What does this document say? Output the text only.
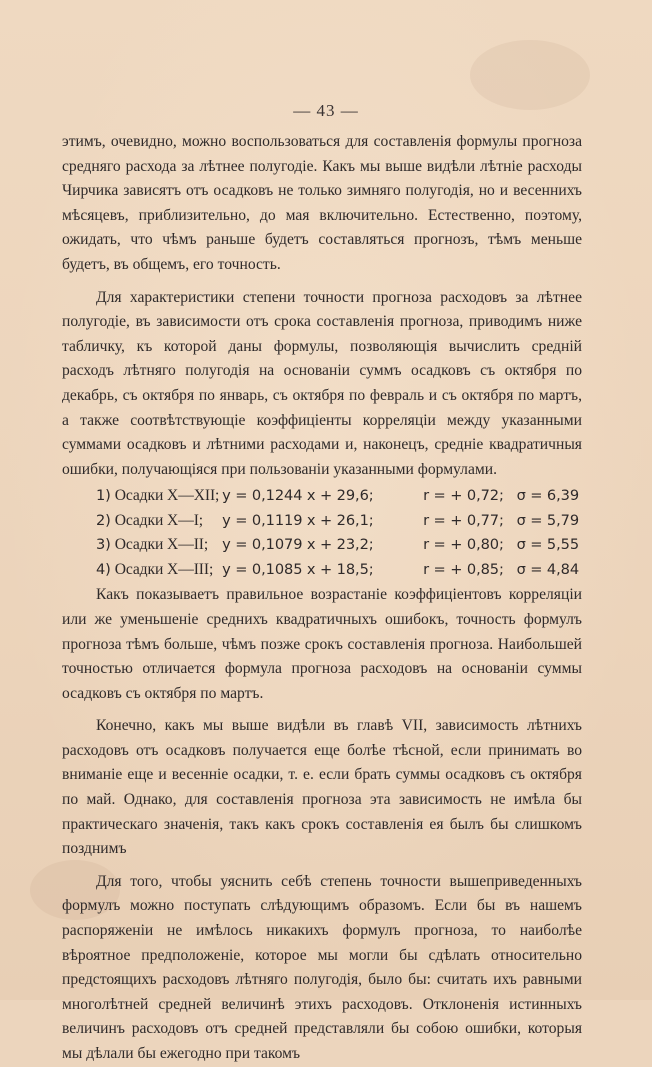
— 43 —

этимъ, очевидно, можно воспользоваться для составленія формулы прогноза средняго расхода за лѣтнее полугодіе. Какъ мы выше видѣли лѣтніе расходы Чирчика зависятъ отъ осадковъ не только зимняго полугодія, но и весеннихъ мѣсяцевъ, приблизительно, до мая включительно. Естественно, поэтому, ожидать, что чѣмъ раньше будетъ составляться прогнозъ, тѣмъ меньше будетъ, въ общемъ, его точность.

Для характеристики степени точности прогноза расходовъ за лѣтнее полугодіе, въ зависимости отъ срока составленія прогноза, приводимъ ниже табличку, къ которой даны формулы, позволяющія вычислить средній расходъ лѣтняго полугодія на основаніи суммъ осадковъ съ октября по декабрь, съ октября по январь, съ октября по февраль и съ октября по мартъ, а также соотвѣтствующіе коэффиціенты корреляціи между указанными суммами осадковъ и лѣтними расходами и, наконецъ, средніе квадратичныя ошибки, получающіяся при пользованіи указанными формулами.

1) Осадки X—XII; y = 0,1244 x + 29,6;	r = + 0,72; σ = 6,39
2) Осадки X—I;	y = 0,1119 x + 26,1;	r = + 0,77; σ = 5,79
3) Осадки X—II; y = 0,1079 x + 23,2;	r = + 0,80; σ = 5,55
4) Осадки X—III; y = 0,1085 x + 18,5;	r = + 0,85; σ = 4,84

Какъ показываетъ правильное возрастаніе коэффиціентовъ корреляціи или же уменьшеніе среднихъ квадратичныхъ ошибокъ, точность формулъ прогноза тѣмъ больше, чѣмъ позже срокъ составленія прогноза. Наибольшей точностью отличается формула прогноза расходовъ на основаніи суммы осадковъ съ октября по мартъ.

Конечно, какъ мы выше видѣли въ главѣ VII, зависимость лѣтнихъ расходовъ отъ осадковъ получается еще болѣе тѣсной, если принимать во вниманіе еще и весенніе осадки, т. е. если брать суммы осадковъ съ октября по май. Однако, для составленія прогноза эта зависимость не имѣла бы практическаго значенія, такъ какъ срокъ составленія ея былъ бы слишкомъ позднимъ

Для того, чтобы уяснить себѣ степень точности вышеприведенныхъ формулъ можно поступать слѣдующимъ образомъ. Если бы въ нашемъ распоряженіи не имѣлось никакихъ формулъ прогноза, то наиболѣе вѣроятное предположеніе, которое мы могли бы сдѣлать относительно предстоящихъ расходовъ лѣтняго полугодія, было бы: считать ихъ равными многолѣтней средней величинѣ этихъ расходовъ. Отклоненія истинныхъ величинъ расходовъ отъ средней представляли бы собою ошибки, которыя мы дѣлали бы ежегодно при такомъ
